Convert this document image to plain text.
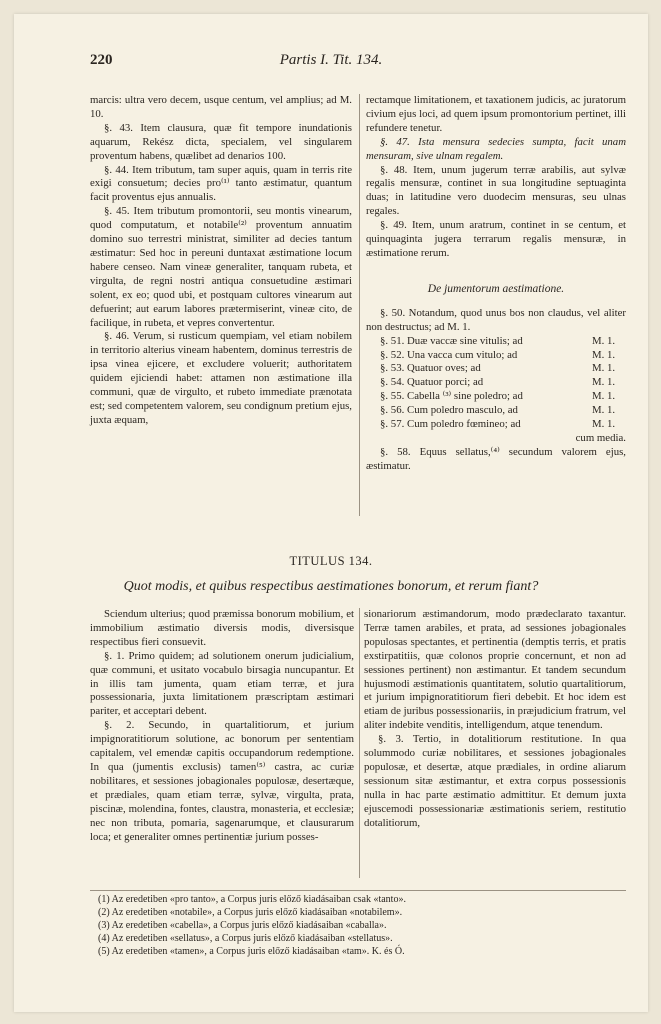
220	Partis I. Tit. 134.

marcis: ultra vero decem, usque centum, vel amplius; ad M. 10.

§. 43. Item clausura, quæ fit tempore inundationis aquarum, Rekész dicta, specialem, vel singularem proventum habens, quælibet ad denarios 100.

§. 44. Item tributum, tam super aquis, quam in terris rite exigi consuetum; decies pro⁽¹⁾ tanto æstimatur, quantum facit proventus ejus annualis.

§. 45. Item tributum promontorii, seu montis vinearum, quod computatum, et notabile⁽²⁾ proventum annuatim domino suo terrestri ministrat, similiter ad decies tantum æstimatur: Sed hoc in pereuni duntaxat æstimatione locum habere censeo. Nam vineæ generaliter, tanquam rubeta, et virgulta, de regni nostri antiqua consuetudine æstimari solent, ex eo; quod ubi, et postquam cultores vinearum aut defuerint; aut earum labores prætermiserint, vineæ cito, de facilique, in rubeta, et vepres convertentur.

§. 46. Verum, si rusticum quempiam, vel etiam nobilem in territorio alterius vineam habentem, dominus terrestris de ipsa vinea ejicere, et excludere voluerit; authoritatem quidem ejiciendi habet: attamen non æstimatione illa communi, quæ de virgulto, et rubeto immediate prænotata est; sed competentem valorem, seu condignum pretium ejus, juxta æquam,

rectamque limitationem, et taxationem judicis, ac juratorum civium ejus loci, ad quem ipsum promontorium pertinet, illi refundere tenetur.

§. 47. Ista mensura sedecies sumpta, facit unam mensuram, sive ulnam regalem.

§. 48. Item, unum jugerum terræ arabilis, aut sylvæ regalis mensuræ, continet in sua longitudine septuaginta duas; in latitudine vero duodecim mensuras, seu ulnas regales.

§. 49. Item, unum aratrum, continet in se centum, et quinquaginta jugera terrarum regalis mensuræ, in æstimatione rerum.

De jumentorum aestimatione.

§. 50. Notandum, quod unus bos non claudus, vel aliter non destructus; ad M. 1.

§. 51. Duæ vaccæ sine vitulis; ad	M. 1.
§. 52. Una vacca cum vitulo; ad	M. 1.
§. 53. Quatuor oves; ad	M. 1.
§. 54. Quatuor porci; ad	M. 1.
§. 55. Cabella ⁽³⁾ sine poledro; ad	M. 1.
§. 56. Cum poledro masculo, ad	M. 1.
§. 57. Cum poledro fœmineo; ad	M. 1.
cum media.

§. 58. Equus sellatus,⁽⁴⁾ secundum valorem ejus, æstimatur.

TITULUS 134.
Quot modis, et quibus respectibus aestimationes bonorum, et rerum fiant?

Sciendum ulterius; quod præmissa bonorum mobilium, et immobilium æstimatio diversis modis, diversisque respectibus fieri consuevit.

§. 1. Primo quidem; ad solutionem onerum judicialium, quæ communi, et usitato vocabulo birsagia nuncupantur. Et in illis tam jumenta, quam etiam terræ, et jura possessionaria, juxta limitationem præscriptam æstimari pariter, et acceptari debent.

§. 2. Secundo, in quartalitiorum, et jurium impignoratitiorum solutione, ac bonorum per sententiam capitalem, vel emendæ capitis occupandorum redemptione. In qua (jumentis exclusis) tamen⁽⁵⁾ castra, ac curiæ nobilitares, et sessiones jobagionales populosæ, desertæque, et prædiales, quam etiam terræ, sylvæ, virgulta, prata, piscinæ, molendina, fontes, claustra, monasteria, et ecclesiæ; nec non tributa, pomaria, sagenarumque, et clausurarum loca; et generaliter omnes pertinentiæ jurium posses-

sionariorum æstimandorum, modo prædeclarato taxantur. Terræ tamen arabiles, et prata, ad sessiones jobagionales populosas spectantes, et pertinentia (demptis terris, et pratis exstirpatitiis, quæ colonos proprie concernunt, et non ad sessiones pertinent) non æstimantur. Et tandem secundum hujusmodi æstimationis quantitatem, solutio quartalitiorum, et jurium impignoratitiorum fieri debebit. Et hoc idem est etiam de juribus possessionariis, in præjudicium fratrum, vel aliter indebite venditis, intelligendum, atque tenendum.

§. 3. Tertio, in dotalitiorum restitutione. In qua solummodo curiæ nobilitares, et sessiones jobagionales populosæ, et desertæ, atque prædiales, in ordine aliarum sessionum sitæ æstimantur, et extra corpus possessionis nulla in hac parte æstimatio admittitur. Et demum juxta ejuscemodi possessionariæ æstimationis seriem, restitutio dotalitiorum,

(1) Az eredetiben «pro tanto», a Corpus juris előző kiadásaiban csak «tanto».

(2) Az eredetiben «notabile», a Corpus juris előző kiadásaiban «notabilem».

(3) Az eredetiben «cabella», a Corpus juris előző kiadásaiban «caballa».

(4) Az eredetiben «sellatus», a Corpus juris előző kiadásaiban «stellatus».

(5) Az eredetiben «tamen», a Corpus juris előző kiadásaiban «tam». K. és Ó.
